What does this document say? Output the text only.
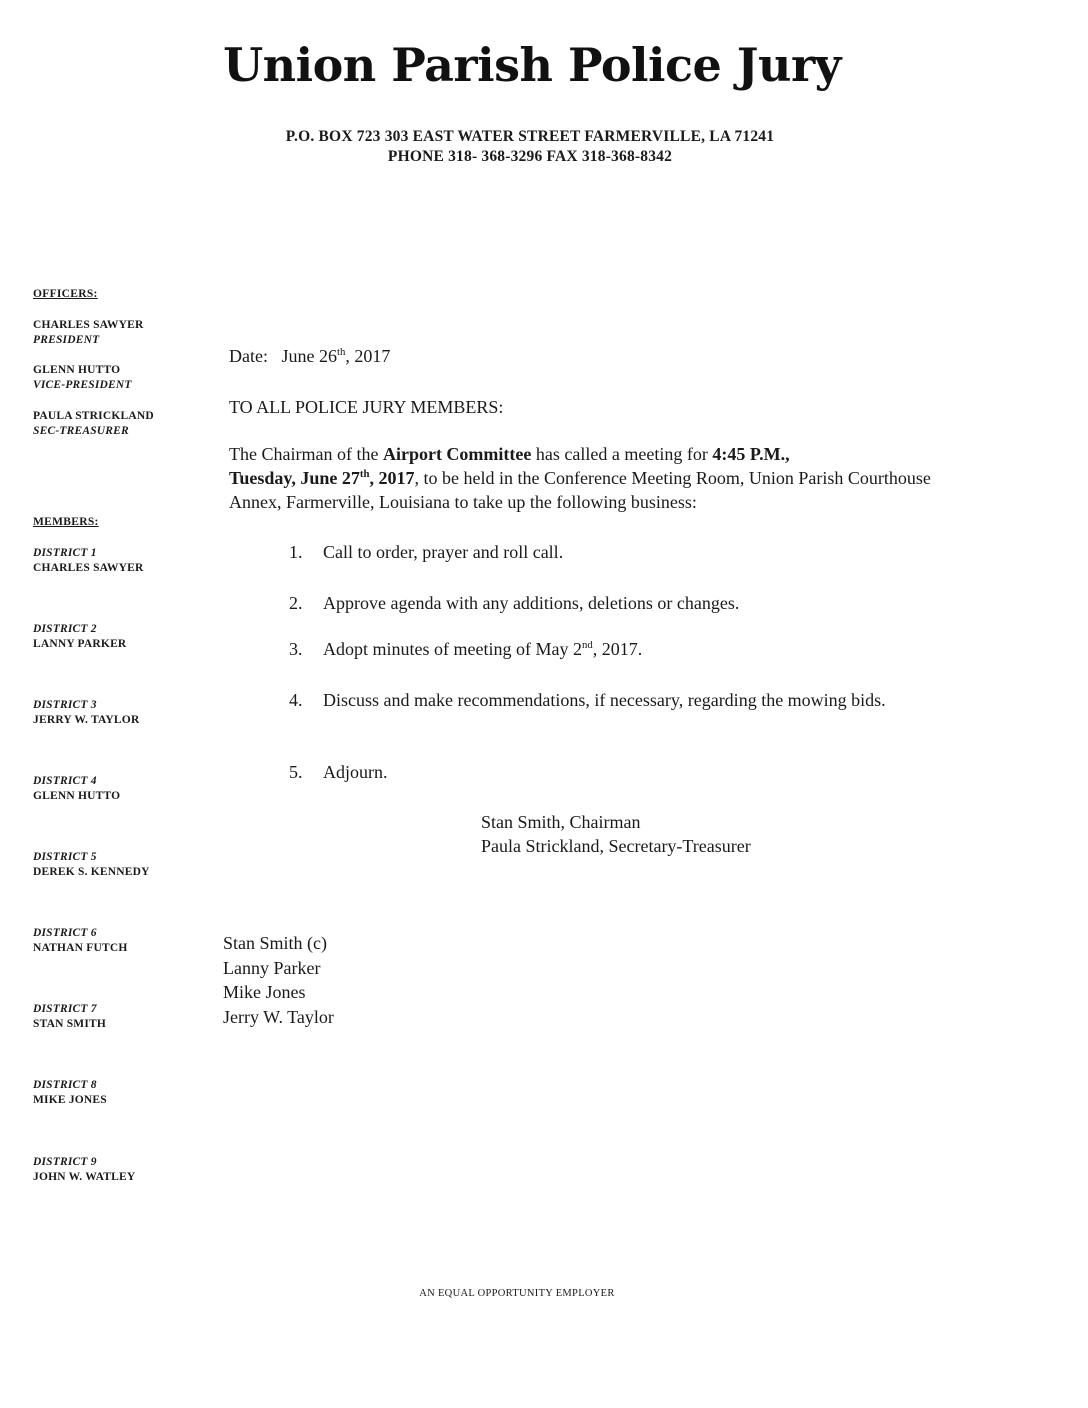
Union Parish Police Jury
P.O. BOX 723 303 EAST WATER STREET FARMERVILLE, LA 71241
PHONE 318- 368-3296 FAX 318-368-8342
OFFICERS:
CHARLES SAWYER
PRESIDENT
GLENN HUTTO
VICE-PRESIDENT
PAULA STRICKLAND
SEC-TREASURER
MEMBERS:
DISTRICT 1
CHARLES SAWYER
DISTRICT 2
LANNY PARKER
DISTRICT 3
JERRY W. TAYLOR
DISTRICT 4
GLENN HUTTO
DISTRICT 5
DEREK S. KENNEDY
DISTRICT 6
NATHAN FUTCH
DISTRICT 7
STAN SMITH
DISTRICT 8
MIKE JONES
DISTRICT 9
JOHN W. WATLEY
Date: June 26th, 2017
TO ALL POLICE JURY MEMBERS:
The Chairman of the Airport Committee has called a meeting for 4:45 P.M.,
Tuesday, June 27th, 2017, to be held in the Conference Meeting Room, Union Parish Courthouse Annex, Farmerville, Louisiana to take up the following business:
1. Call to order, prayer and roll call.
2. Approve agenda with any additions, deletions or changes.
3. Adopt minutes of meeting of May 2nd, 2017.
4. Discuss and make recommendations, if necessary, regarding the mowing bids.
5. Adjourn.
Stan Smith, Chairman
Paula Strickland, Secretary-Treasurer
Stan Smith (c)
Lanny Parker
Mike Jones
Jerry W. Taylor
AN EQUAL OPPORTUNITY EMPLOYER
